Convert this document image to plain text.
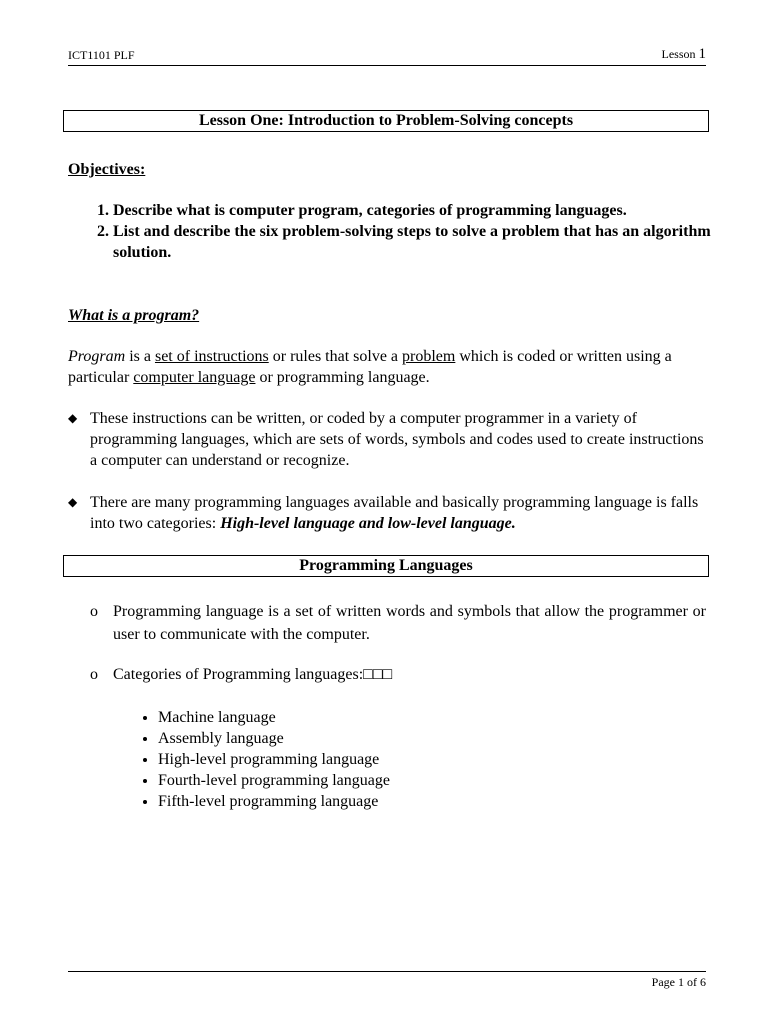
ICT1101 PLF	Lesson 1
Lesson One: Introduction to Problem-Solving concepts
Objectives:
1. Describe what is computer program, categories of programming languages.
2. List and describe the six problem-solving steps to solve a problem that has an algorithm solution.
What is a program?
Program is a set of instructions or rules that solve a problem which is coded or written using a particular computer language or programming language.
◆ These instructions can be written, or coded by a computer programmer in a variety of programming languages, which are sets of words, symbols and codes used to create instructions a computer can understand or recognize.
◆ There are many programming languages available and basically programming language is falls into two categories: High-level language and low-level language.
Programming Languages
o Programming language is a set of written words and symbols that allow the programmer or user to communicate with the computer.
o Categories of Programming languages:□□□
• Machine language
• Assembly language
• High-level programming language
• Fourth-level programming language
• Fifth-level programming language
Page 1 of 6
